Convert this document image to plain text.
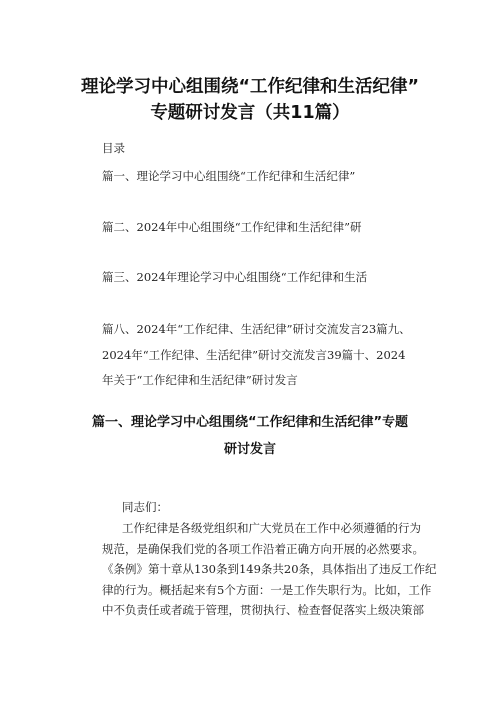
理论学习中心组围绕“工作纪律和生活纪律”
专题研讨发言（共11篇）
目录
篇一、理论学习中心组围绕“工作纪律和生活纪律”
篇二、2024年中心组围绕“工作纪律和生活纪律”研
篇三、2024年理论学习中心组围绕“工作纪律和生活
篇八、2024年“工作纪律、生活纪律”研讨交流发言23篇九、
2024年“工作纪律、生活纪律”研讨交流发言39篇十、2024
年关于“工作纪律和生活纪律”研讨发言
篇一、理论学习中心组围绕“工作纪律和生活纪律”专题
研讨发言
同志们：
工作纪律是各级党组织和广大党员在工作中必须遵循的行为
规范，是确保我们党的各项工作沿着正确方向开展的必然要求。
《条例》第十章从130条到149条共20条，具体指出了违反工作纪
律的行为。概括起来有5个方面：一是工作失职行为。比如，工作
中不负责任或者疏于管理，贯彻执行、检查督促落实上级决策部
